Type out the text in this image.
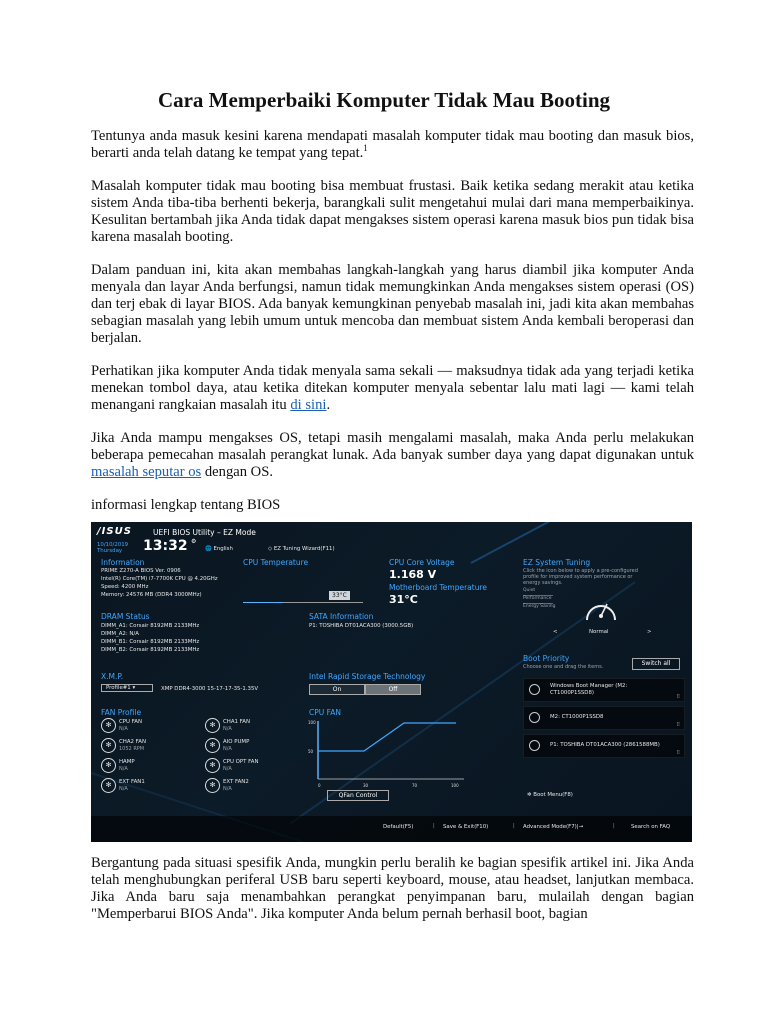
Cara Memperbaiki Komputer Tidak Mau Booting

Tentunya anda masuk kesini karena mendapati masalah komputer tidak mau booting dan masuk bios, berarti anda telah datang ke tempat yang tepat.$^1$

Masalah komputer tidak mau booting bisa membuat frustasi. Baik ketika sedang merakit atau ketika sistem Anda tiba-tiba berhenti bekerja, barangkali sulit mengetahui mulai dari mana memperbaikinya. Kesulitan bertambah jika Anda tidak dapat mengakses sistem operasi karena masuk bios pun tidak bisa karena masalah booting.

Dalam panduan ini, kita akan membahas langkah-langkah yang harus diambil jika komputer Anda menyala dan layar Anda berfungsi, namun tidak memungkinkan Anda mengakses sistem operasi (OS) dan terj ebak di layar BIOS. Ada banyak kemungkinan penyebab masalah ini, jadi kita akan membahas sebagian masalah yang lebih umum untuk mencoba dan membuat sistem Anda kembali beroperasi dan berjalan.

Perhatikan jika komputer Anda tidak menyala sama sekali — maksudnya tidak ada yang terjadi ketika menekan tombol daya, atau ketika ditekan komputer menyala sebentar lalu mati lagi — kami telah menangani rangkaian masalah itu di sini.

Jika Anda mampu mengakses OS, tetapi masih mengalami masalah, maka Anda perlu melakukan beberapa pemecahan masalah perangkat lunak. Ada banyak sumber daya yang dapat digunakan untuk masalah seputar os dengan OS.

informasi lengkap tentang BIOS

/ISUS	UEFI BIOS Utility – EZ Mode
10/10/2019
Thursday 13:32 ⚙
🌐 English	◇ EZ Tuning Wizard(F11)
Information
PRIME Z270-A BIOS Ver. 0906
Intel(R) Core(TM) i7-7700K CPU @ 4.20GHz
Speed: 4200 MHz
Memory: 24576 MB (DDR4 3000MHz)
CPU Temperature
33°C
CPU Core Voltage
1.168 V
Motherboard Temperature
31°C
DRAM Status
DIMM_A1: Corsair 8192MB 2133MHz
DIMM_A2: N/A
DIMM_B1: Corsair 8192MB 2133MHz
DIMM_B2: Corsair 8192MB 2133MHz
SATA Information
P1: TOSHIBA DT01ACA300 (3000.5GB)
X.M.P.
Profile#1 ▾	XMP DDR4-3000 15-17-17-35-1.35V
Intel Rapid Storage Technology
On	Off
FAN Profile
✻	CPU FAN
N/A	✻	CHA1 FAN
N/A
✻	CHA2 FAN
1052 RPM	✻	AIO PUMP
N/A
✻	HAMP
N/A	✻	CPU OPT FAN
N/A
✻	EXT FAN1
N/A	✻	EXT FAN2
N/A
CPU FAN
100
50
0	30	70	100
QFan Control
EZ System Tuning
Click the icon below to apply a pre-configured
profile for improved system performance or
energy savings.
Quiet
Performance
Energy Saving
<	Normal	>
Boot Priority
Choose one and drag the items.	Switch all
Windows Boot Manager (M2: CT1000P1SSD8)
⠿
M2: CT1000P1SSD8
⠿
P1: TOSHIBA DT01ACA300 (2861588MB)
⠿
✲ Boot Menu(F8)
Default(F5)	| Save & Exit(F10)	| Advanced Mode(F7)|→	|	Search on FAQ

Bergantung pada situasi spesifik Anda, mungkin perlu beralih ke bagian spesifik artikel ini. Jika Anda telah menghubungkan periferal USB baru seperti keyboard, mouse, atau headset, lanjutkan membaca. Jika Anda baru saja menambahkan perangkat penyimpanan baru, mulailah dengan bagian "Memperbarui BIOS Anda". Jika komputer Anda belum pernah berhasil boot, bagian
